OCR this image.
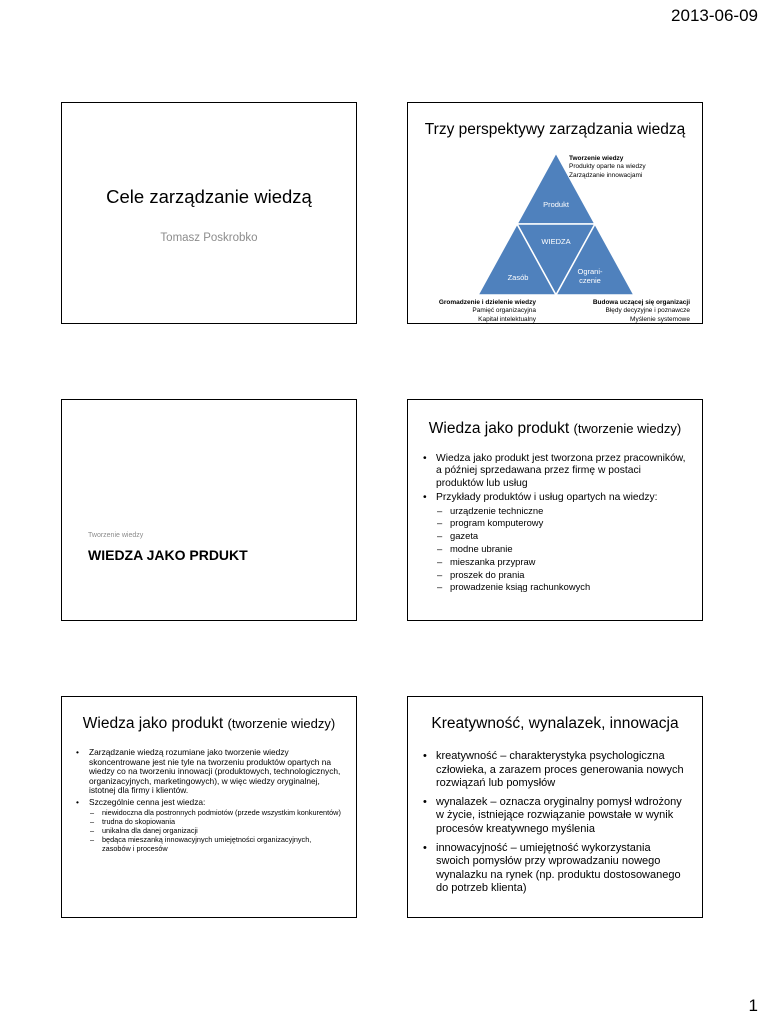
2013-06-09
Cele zarządzanie wiedzą
Tomasz Poskrobko
Trzy perspektywy zarządzania wiedzą
Produkt
WIEDZA
Zasób
Ograni-
czenie
Tworzenie wiedzy
Produkty oparte na wiedzy
Zarządzanie innowacjami
Gromadzenie i dzielenie wiedzy
Pamięć organizacyjna
Kapitał intelektualny
Budowa uczącej się organizacji
Błędy decyzyjne i poznawcze
Myślenie systemowe
Tworzenie wiedzy
WIEDZA JAKO PRDUKT
Wiedza jako produkt (tworzenie wiedzy)
• Wiedza jako produkt jest tworzona przez pracowników, a później sprzedawana przez firmę w postaci produktów lub usług
• Przykłady produktów i usług opartych na wiedzy:
– urządzenie techniczne
– program komputerowy
– gazeta
– modne ubranie
– mieszanka przypraw
– proszek do prania
– prowadzenie ksiąg rachunkowych
Wiedza jako produkt (tworzenie wiedzy)
• Zarządzanie wiedzą rozumiane jako tworzenie wiedzy skoncentrowane jest nie tyle na tworzeniu produktów opartych na wiedzy co na tworzeniu innowacji (produktowych, technologicznych, organizacyjnych, marketingowych), w więc wiedzy oryginalnej, istotnej dla firmy i klientów.
• Szczególnie cenna jest wiedza:
– niewidoczna dla postronnych podmiotów (przede wszystkim konkurentów)
– trudna do skopiowania
– unikalna dla danej organizacji
– będąca mieszanką innowacyjnych umiejętności organizacyjnych, zasobów i procesów
Kreatywność, wynalazek, innowacja
• kreatywność – charakterystyka psychologiczna człowieka, a zarazem proces generowania nowych rozwiązań lub pomysłów
• wynalazek – oznacza oryginalny pomysł wdrożony w życie, istniejące rozwiązanie powstałe w wynik procesów kreatywnego myślenia
• innowacyjność – umiejętność wykorzystania swoich pomysłów przy wprowadzaniu nowego wynalazku na rynek (np. produktu dostosowanego do potrzeb klienta)
1
